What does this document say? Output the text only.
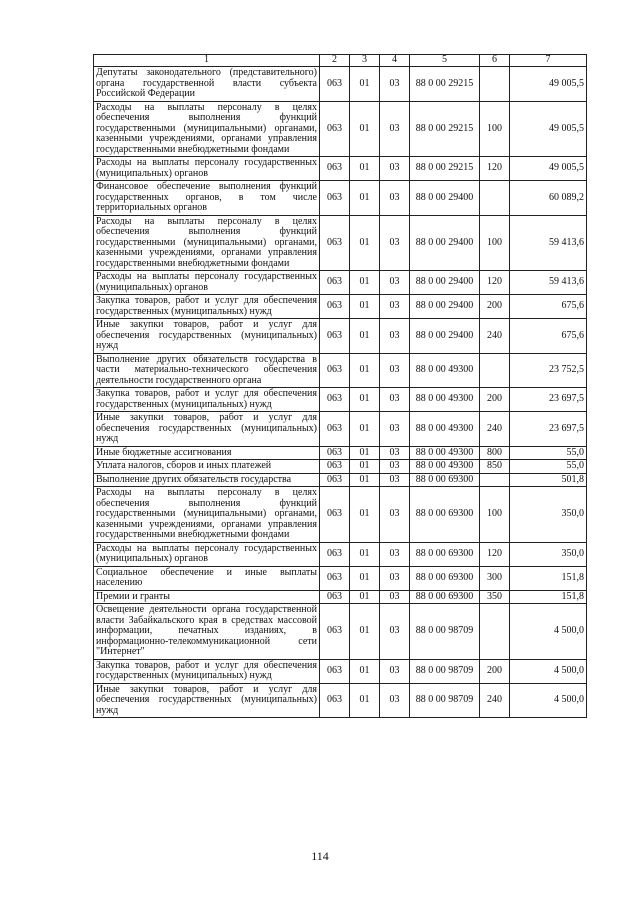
1	2	3	4	5	6	7
Депутаты законодательного (представительного) органа государственной власти субъекта Российской Федерации	063	01	03	88 0 00 29215		49 005,5
Расходы на выплаты персоналу в целях обеспечения выполнения функций государственными (муниципальными) органами, казенными учреждениями, органами управления государственными внебюджетными фондами	063	01	03	88 0 00 29215	100	49 005,5
Расходы на выплаты персоналу государственных (муниципальных) органов	063	01	03	88 0 00 29215	120	49 005,5
Финансовое обеспечение выполнения функций государственных органов, в том числе территориальных органов	063	01	03	88 0 00 29400		60 089,2
Расходы на выплаты персоналу в целях обеспечения выполнения функций государственными (муниципальными) органами, казенными учреждениями, органами управления государственными внебюджетными фондами	063	01	03	88 0 00 29400	100	59 413,6
Расходы на выплаты персоналу государственных (муниципальных) органов	063	01	03	88 0 00 29400	120	59 413,6
Закупка товаров, работ и услуг для обеспечения государственных (муниципальных) нужд	063	01	03	88 0 00 29400	200	675,6
Иные закупки товаров, работ и услуг для обеспечения государственных (муниципальных) нужд	063	01	03	88 0 00 29400	240	675,6
Выполнение других обязательств государства в части материально-технического обеспечения деятельности государственного органа	063	01	03	88 0 00 49300		23 752,5
Закупка товаров, работ и услуг для обеспечения государственных (муниципальных) нужд	063	01	03	88 0 00 49300	200	23 697,5
Иные закупки товаров, работ и услуг для обеспечения государственных (муниципальных) нужд	063	01	03	88 0 00 49300	240	23 697,5
Иные бюджетные ассигнования	063	01	03	88 0 00 49300	800	55,0
Уплата налогов, сборов и иных платежей	063	01	03	88 0 00 49300	850	55,0
Выполнение других обязательств государства	063	01	03	88 0 00 69300		501,8
Расходы на выплаты персоналу в целях обеспечения выполнения функций государственными (муниципальными) органами, казенными учреждениями, органами управления государственными внебюджетными фондами	063	01	03	88 0 00 69300	100	350,0
Расходы на выплаты персоналу государственных (муниципальных) органов	063	01	03	88 0 00 69300	120	350,0
Социальное обеспечение и иные выплаты населению	063	01	03	88 0 00 69300	300	151,8
Премии и гранты	063	01	03	88 0 00 69300	350	151,8
Освещение деятельности органа государственной власти Забайкальского края в средствах массовой информации, печатных изданиях, в информационно-телекоммуникационной сети "Интернет"	063	01	03	88 0 00 98709		4 500,0
Закупка товаров, работ и услуг для обеспечения государственных (муниципальных) нужд	063	01	03	88 0 00 98709	200	4 500,0
Иные закупки товаров, работ и услуг для обеспечения государственных (муниципальных) нужд	063	01	03	88 0 00 98709	240	4 500,0
114
